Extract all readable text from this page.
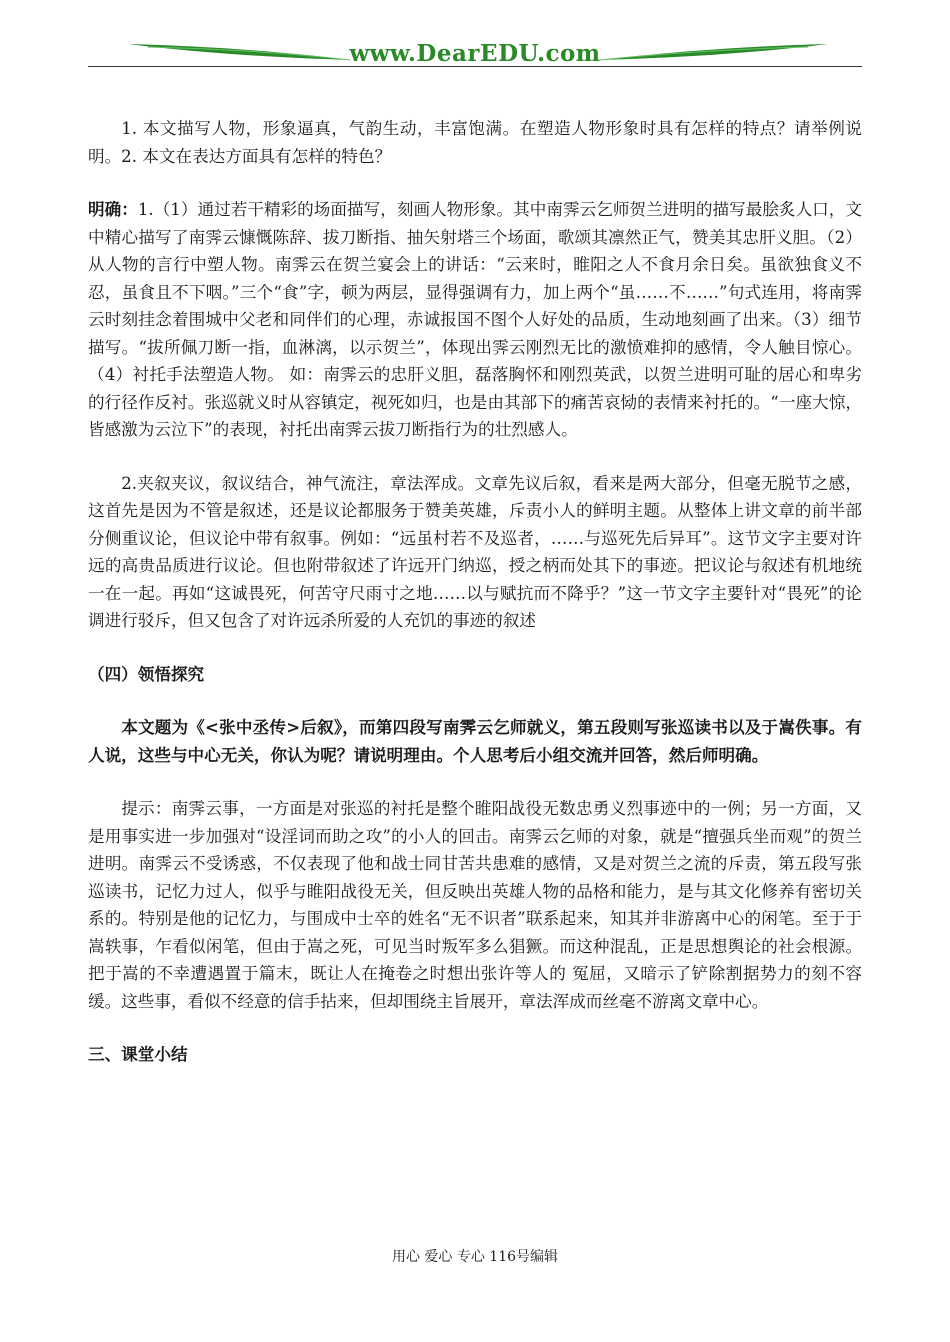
www.DearEDU.com

1. 本文描写人物，形象逼真，气韵生动，丰富饱满。在塑造人物形象时具有怎样的特点？请举例说明。2. 本文在表达方面具有怎样的特色？

明确：1.（1）通过若干精彩的场面描写，刻画人物形象。其中南霁云乞师贺兰进明的描写最脍炙人口，文中精心描写了南霁云慷慨陈辞、拔刀断指、抽矢射塔三个场面，歌颂其凛然正气，赞美其忠肝义胆。（2）从人物的言行中塑人物。南霁云在贺兰宴会上的讲话：“云来时，睢阳之人不食月余日矣。虽欲独食义不忍，虽食且不下咽。”三个“食”字，顿为两层，显得强调有力，加上两个“虽……不……”句式连用，将南霁云时刻挂念着围城中父老和同伴们的心理，赤诚报国不图个人好处的品质，生动地刻画了出来。（3）细节描写。“拔所佩刀断一指，血淋漓，以示贺兰”，体现出霁云刚烈无比的激愤难抑的感情，令人触目惊心。（4）衬托手法塑造人物。 如：南霁云的忠肝义胆，磊落胸怀和刚烈英武，以贺兰进明可耻的居心和卑劣的行径作反衬。张巡就义时从容镇定，视死如归，也是由其部下的痛苦哀恸的表情来衬托的。“一座大惊，皆感激为云泣下”的表现，衬托出南霁云拔刀断指行为的壮烈感人。

2.夹叙夹议，叙议结合，神气流注，章法浑成。文章先议后叙，看来是两大部分，但毫无脱节之感，这首先是因为不管是叙述，还是议论都服务于赞美英雄，斥责小人的鲜明主题。从整体上讲文章的前半部分侧重议论，但议论中带有叙事。例如：“远虽村若不及巡者，……与巡死先后异耳”。这节文字主要对许远的高贵品质进行议论。但也附带叙述了许远开门纳巡，授之柄而处其下的事迹。把议论与叙述有机地统一在一起。再如“这诚畏死，何苦守尺雨寸之地……以与赋抗而不降乎？”这一节文字主要针对“畏死”的论调进行驳斥，但又包含了对许远杀所爱的人充饥的事迹的叙述

（四）领悟探究

本文题为《<张中丞传>后叙》，而第四段写南霁云乞师就义，第五段则写张巡读书以及于嵩佚事。有人说，这些与中心无关，你认为呢？请说明理由。个人思考后小组交流并回答，然后师明确。

提示：南霁云事，一方面是对张巡的衬托是整个睢阳战役无数忠勇义烈事迹中的一例；另一方面，又是用事实进一步加强对“设淫词而助之攻”的小人的回击。南霁云乞师的对象，就是“擅强兵坐而观”的贺兰进明。南霁云不受诱惑，不仅表现了他和战士同甘苦共患难的感情，又是对贺兰之流的斥责，第五段写张巡读书，记忆力过人，似乎与睢阳战役无关，但反映出英雄人物的品格和能力，是与其文化修养有密切关系的。特别是他的记忆力，与围成中士卒的姓名“无不识者”联系起来，知其并非游离中心的闲笔。至于于嵩轶事，乍看似闲笔，但由于嵩之死，可见当时叛军多么猖獗。而这种混乱，正是思想舆论的社会根源。把于嵩的不幸遭遇置于篇末，既让人在掩卷之时想出张许等人的 冤屈，又暗示了铲除割据势力的刻不容缓。这些事，看似不经意的信手拈来，但却围绕主旨展开，章法浑成而丝毫不游离文章中心。

三、课堂小结

用心 爱心 专心 116号编辑
